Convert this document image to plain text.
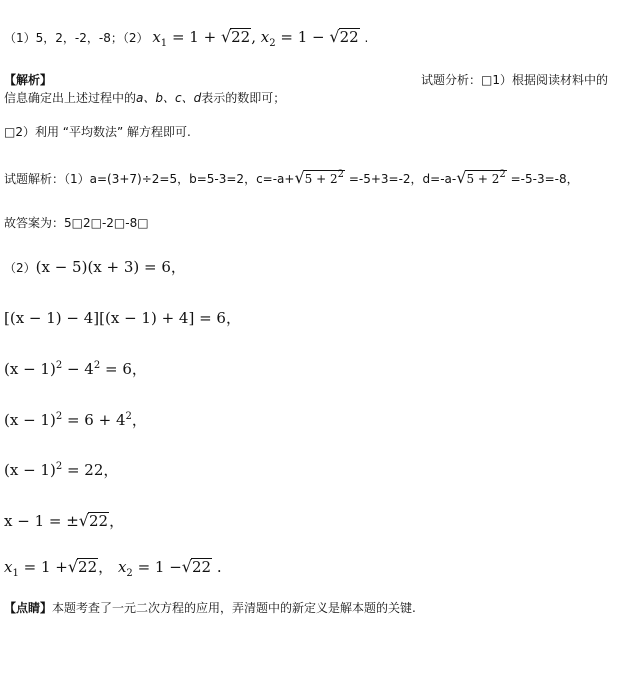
（1）5，2，-2，-8；（2） $x_1 = 1 + √22$, $x_2 = 1 - √22$ .
【解析】	试题分析：□1）根据阅读材料中的
信息确定出上述过程中的a、b、c、d表示的数即可；
□2）利用 “平均数法” 解方程即可.
试题解析：（1）a=(3+7)÷2=5，b=5-3=2，$c=-a+√5 + 2^2 =-5+3=-2$，$d=-a-√5 + 2^2 =-5-3=-8$，
故答案为：5□2□-2□-8□
（2）(x − 5)(x + 3) = 6，
[(x − 1) − 4][(x − 1) + 4] = 6，
$(x - 1)^2 - 4^2 = 6$，
$(x - 1)^2 = 6 + 4^2$，
$(x - 1)^2 = 22$，
x − 1 = ±√22，
$x_1 = 1 +√22$， $x_2 = 1 -√22$ .
【点睛】本题考查了一元二次方程的应用，弄清题中的新定义是解本题的关键.
